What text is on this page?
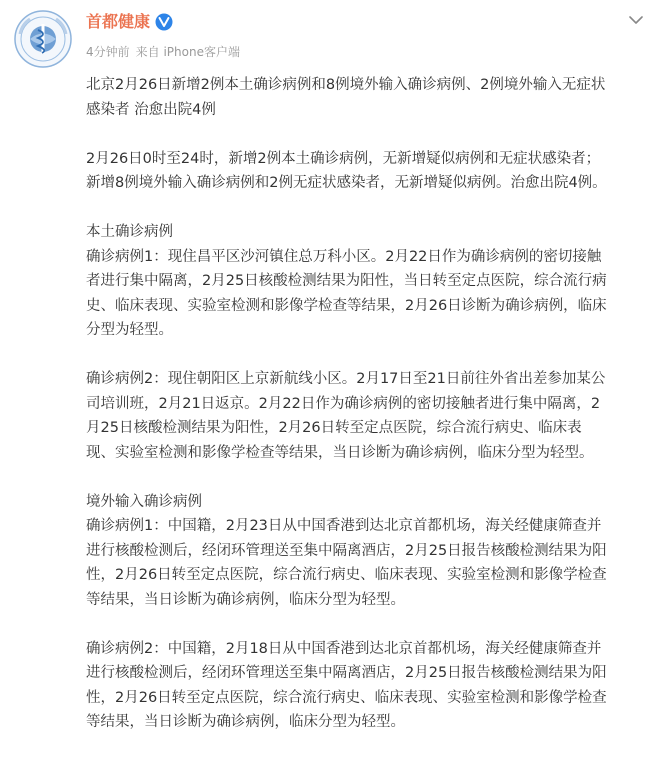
首都健康
4分钟前 来自 iPhone客户端

北京2月26日新增2例本土确诊病例和8例境外输入确诊病例、2例境外输入无症状

感染者 治愈出院4例

2月26日0时至24时，新增2例本土确诊病例，无新增疑似病例和无症状感染者；

新增8例境外输入确诊病例和2例无症状感染者，无新增疑似病例。治愈出院4例。

本土确诊病例

确诊病例1：现住昌平区沙河镇住总万科小区。2月22日作为确诊病例的密切接触

者进行集中隔离，2月25日核酸检测结果为阳性，当日转至定点医院，综合流行病

史、临床表现、实验室检测和影像学检查等结果，2月26日诊断为确诊病例，临床

分型为轻型。

确诊病例2：现住朝阳区上京新航线小区。2月17日至21日前往外省出差参加某公

司培训班，2月21日返京。2月22日作为确诊病例的密切接触者进行集中隔离，2

月25日核酸检测结果为阳性，2月26日转至定点医院，综合流行病史、临床表

现、实验室检测和影像学检查等结果，当日诊断为确诊病例，临床分型为轻型。

境外输入确诊病例

确诊病例1：中国籍，2月23日从中国香港到达北京首都机场，海关经健康筛查并

进行核酸检测后，经闭环管理送至集中隔离酒店，2月25日报告核酸检测结果为阳

性，2月26日转至定点医院，综合流行病史、临床表现、实验室检测和影像学检查

等结果，当日诊断为确诊病例，临床分型为轻型。

确诊病例2：中国籍，2月18日从中国香港到达北京首都机场，海关经健康筛查并

进行核酸检测后，经闭环管理送至集中隔离酒店，2月25日报告核酸检测结果为阳

性，2月26日转至定点医院，综合流行病史、临床表现、实验室检测和影像学检查

等结果，当日诊断为确诊病例，临床分型为轻型。
